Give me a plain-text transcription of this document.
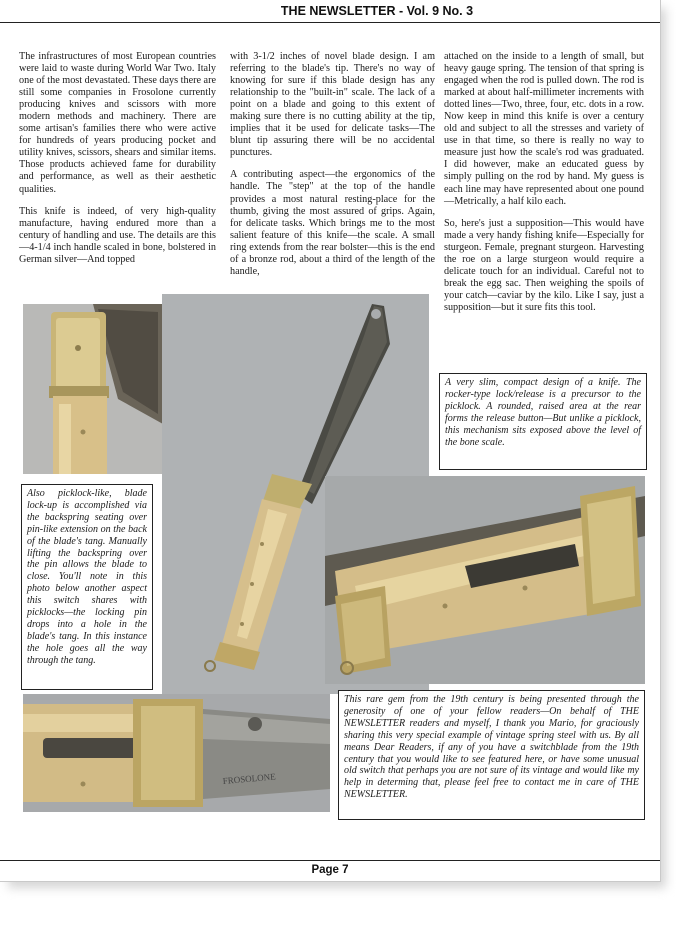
THE NEWSLETTER - Vol. 9 No. 3

The infrastructures of most European countries were laid to waste during World War Two. Italy one of the most devastated. These days there are still some companies in Frosolone currently producing knives and scissors with more modern methods and machinery. There are some artisan's families there who were active for hundreds of years producing pocket and utility knives, scissors, shears and similar items. Those products achieved fame for durability and performance, as well as their aesthetic qualities.

This knife is indeed, of very high-quality manufacture, having endured more than a century of handling and use. The details are this—4-1/4 inch handle scaled in bone, bolstered in German silver—And topped

with 3-1/2 inches of novel blade design. I am referring to the blade's tip. There's no way of knowing for sure if this blade design has any relationship to the "built-in" scale. The lack of a point on a blade and going to this extent of making sure there is no cutting ability at the tip, implies that it be used for delicate tasks—The blunt tip assuring there will be no accidental punctures.

A contributing aspect—the ergonomics of the handle. The "step" at the top of the handle provides a most natural resting-place for the thumb, giving the most assured of grips. Again, for delicate tasks. Which brings me to the most salient feature of this knife—the scale. A small ring extends from the rear bolster—this is the end of a bronze rod, about a third of the length of the handle,

attached on the inside to a length of small, but heavy gauge spring. The tension of that spring is engaged when the rod is pulled down. The rod is marked at about half-millimeter increments with dotted lines—Two, three, four, etc. dots in a row. Now keep in mind this knife is over a century old and subject to all the stresses and variety of use in that time, so there is really no way to measure just how the scale's rod was graduated. I did however, make an educated guess by simply pulling on the rod by hand. My guess is each line may have represented about one pound—Metrically, a half kilo each.

So, here's just a supposition—This would have made a very handy fishing knife—Especially for sturgeon. Female, pregnant sturgeon. Harvesting the roe on a large sturgeon would require a delicate touch for an individual. Careful not to break the egg sac. Then weighing the spoils of your catch—caviar by the kilo. Like I say, just a supposition—but it sure fits this tool.

FROSOLONE
A very slim, compact design of a knife. The rocker-type lock/release is a precursor to the picklock. A rounded, raised area at the rear forms the release button—But unlike a picklock, this mechanism sits exposed above the level of the bone scale.
Also picklock-like, blade lock-up is accomplished via the backspring seating over pin-like extension on the back of the blade's tang. Manually lifting the backspring over the pin allows the blade to close. You'll note in this photo below another aspect this switch shares with picklocks—the locking pin drops into a hole in the blade's tang. In this instance the hole goes all the way through the tang.
This rare gem from the 19th century is being presented through the generosity of one of your fellow readers—On behalf of THE NEWSLETTER readers and myself, I thank you Mario, for graciously sharing this very special example of vintage spring steel with us. By all means Dear Readers, if any of you have a switchblade from the 19th century that you would like to see featured here, or have some unusual old switch that perhaps you are not sure of its vintage and would like my help in determing that, please feel free to contact me in care of THE NEWSLETTER.
Page 7
